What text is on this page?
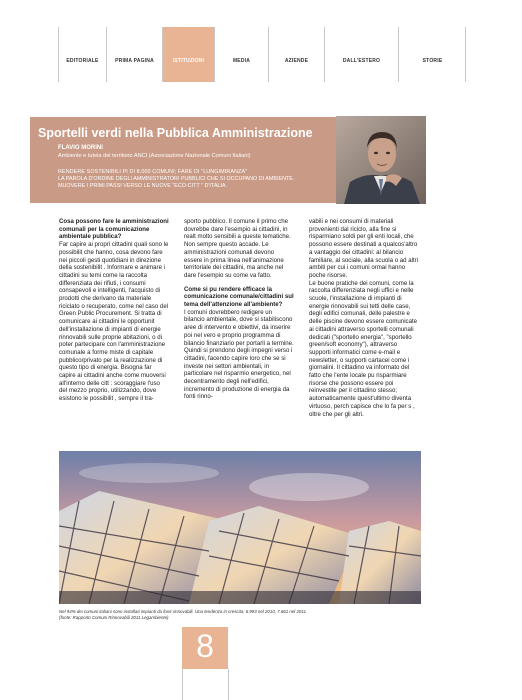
EDITORIALE	PRIMA PAGINA	ISTITUZIONI	MEDIA	AZIENDE	DALL'ESTERO	STORIE
Sportelli verdi nella Pubblica Amministrazione
FLAVIO MORINI
Ambiente e tutela del territorio ANCI (Associazione Nazionale Comuni Italiani)
RENDERE SOSTENIBILI PI DI 8.000 COMUNI; FARE DI "LUNGIMIRANZA"
LA PAROLA D'ORDINE DEGLI AMMINISTRATORI PUBBLICI CHE SI OCCUPANO DI AMBIENTE.
MUOVERE I PRIMI PASSI VERSO LE NUOVE "ECO-CITT " D'ITALIA.

Cosa possono fare le amministrazioni comunali per la comunicazione ambientale pubblica?

Far capire ai propri cittadini quali sono le possibilit che hanno, cosa devono fare nei piccoli gesti quotidiani in direzione della sostenibilit . Informare e animare i cittadini su temi come la raccolta differenziata dei rifiuti, i consumi consapevoli e intelligenti, l'acquisto di prodotti che derivano da materiale riciclato o recuperato, come nel caso del Green Public Procurement. Si tratta di comunicare ai cittadini le opportunit dell'installazione di impianti di energie rinnovabili sulle proprie abitazioni, o di poter partecipare con l'amministrazione comunale a forme miste di capitale pubblico/privato per la realizzazione di questo tipo di energia. Bisogna far capire ai cittadini anche come muoversi all'interno delle citt : scoraggiare l'uso del mezzo proprio, utilizzando, dove esistono le possibilit , sempre il tra-

sporto pubblico. Il comune il primo che dovrebbe dare l'esempio ai cittadini, in realt molto sensibili a queste tematiche. Non sempre questo accade. Le amministrazioni comunali devono essere in prima linea nell'animazione territoriale dei cittadini, ma anche nel dare l'esempio su come va fatto.

Come si pu rendere efficace la comunicazione comunale/cittadini sul tema dell'attenzione all'ambiente?

I comuni dovrebbero redigere un bilancio ambientale, dove si stabiliscono aree di intervento e obiettivi, da inserire poi nel vero e proprio programma di bilancio finanziario per portarli a termine. Quindi si prendono degli impegni verso i cittadini, facendo capire loro che se si investe nei settori ambientali, in particolare nel risparmio energetico, nel decentramento degli nell'edifici, incremento di produzione di energia da fonti rinno-

vabili e nei consumi di materiali provenienti dal riciclo, alla fine si risparmiano soldi per gli enti locali, che possono essere destinati a qualcos'altro a vantaggio dei cittadini: al bilancio familiare, al sociale, alla scuola o ad altri ambiti per cui i comuni ormai hanno poche risorse.

Le buone pratiche dei comuni, come la raccolta differenziata negli uffici e nelle scuole, l'installazione di impianti di energie rinnovabili sui tetti delle case, degli edifici comunali, delle palestre e delle piscine devono essere comunicate ai cittadini attraverso sportelli comunali dedicati ("sportello energia", "sportello green/soft economy"), attraverso supporti informatici come e-mail e newsletter, o supporti cartacei come i giornalini. Il cittadino va informato del fatto che l'ente locale pu risparmiare risorse che possono essere poi reinvestite per il cittadino stesso; automaticamente quest'ultimo diventa virtuoso, perch capisce che lo fa per s , oltre che per gli altri.

Nel 94% dei comuni italiani sono installati impianti da fonti rinnovabili. Una tendenza in crescita: 6.993 nel 2010, 7.661 nel 2011.
(fonte: Rapporto Comuni Rinnovabili 2011 Legambiente)
8
